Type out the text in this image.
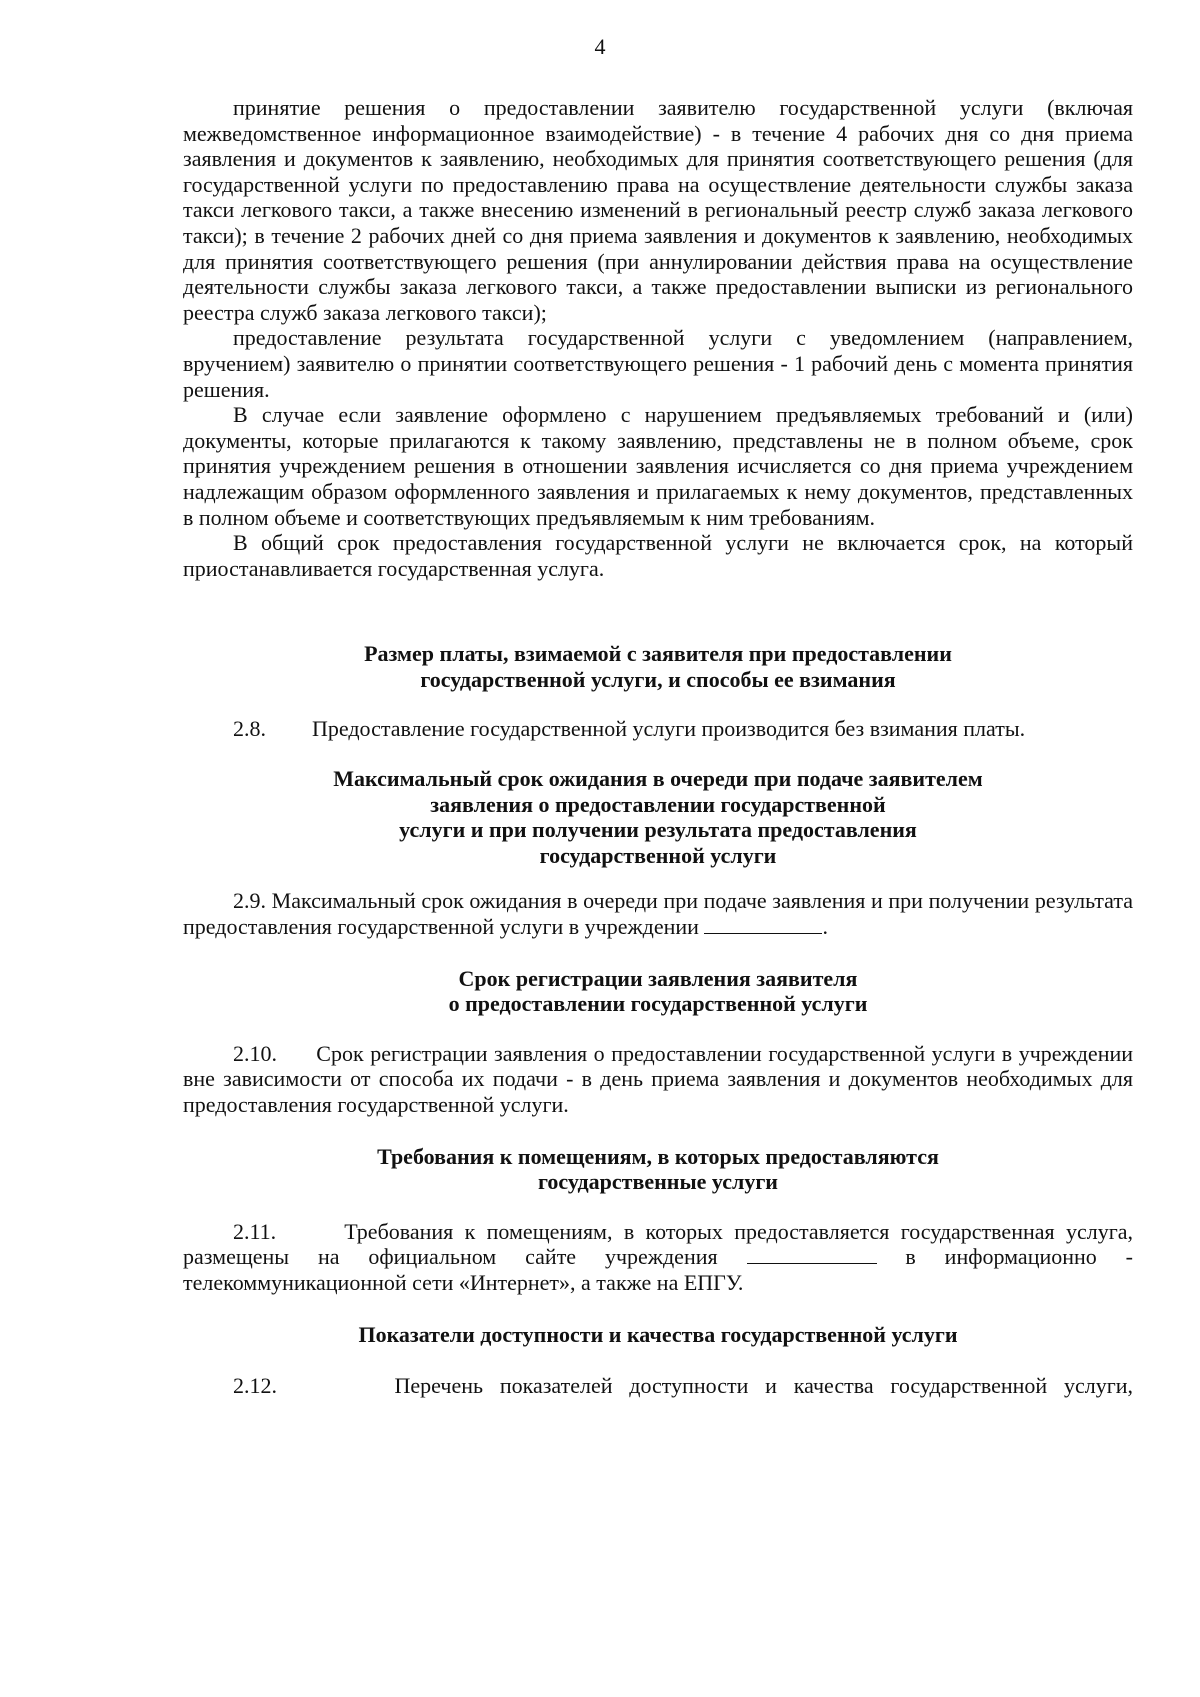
4

принятие решения о предоставлении заявителю государственной услуги (включая межведомственное информационное взаимодействие) - в течение 4 рабочих дня со дня приема заявления и документов к заявлению, необходимых для принятия соответствующего решения (для государственной услуги по предоставлению права на осуществление деятельности службы заказа такси легкового такси, а также внесению изменений в региональный реестр служб заказа легкового такси); в течение 2 рабочих дней со дня приема заявления и документов к заявлению, необходимых для принятия соответствующего решения (при аннулировании действия права на осуществление деятельности службы заказа легкового такси, а также предоставлении выписки из регионального реестра служб заказа легкового такси);

предоставление результата государственной услуги с уведомлением (направлением, вручением) заявителю о принятии соответствующего решения - 1 рабочий день с момента принятия решения.

В случае если заявление оформлено с нарушением предъявляемых требований и (или) документы, которые прилагаются к такому заявлению, представлены не в полном объеме, срок принятия учреждением решения в отношении заявления исчисляется со дня приема учреждением надлежащим образом оформленного заявления и прилагаемых к нему документов, представленных в полном объеме и соответствующих предъявляемым к ним требованиям.

В общий срок предоставления государственной услуги не включается срок, на который приостанавливается государственная услуга.

Размер платы, взимаемой с заявителя при предоставлении
государственной услуги, и способы ее взимания

2.8. Предоставление государственной услуги производится без взимания платы.

Максимальный срок ожидания в очереди при подаче заявителем
заявления о предоставлении государственной
услуги и при получении результата предоставления
государственной услуги

2.9. Максимальный срок ожидания в очереди при подаче заявления и при получении результата предоставления государственной услуги в учреждении	.

Срок регистрации заявления заявителя
о предоставлении государственной услуги

2.10. Срок регистрации заявления о предоставлении государственной услуги в учреждении вне зависимости от способа их подачи - в день приема заявления и документов необходимых для предоставления государственной услуги.

Требования к помещениям, в которых предоставляются
государственные услуги

2.11.	Требования к помещениям, в которых предоставляется государственная услуга, размещены на официальном сайте учреждения	в информационно - телекоммуникационной сети «Интернет», а также на ЕПГУ.

Показатели доступности и качества государственной услуги

2.12.	Перечень показателей доступности и качества государственной услуги,
